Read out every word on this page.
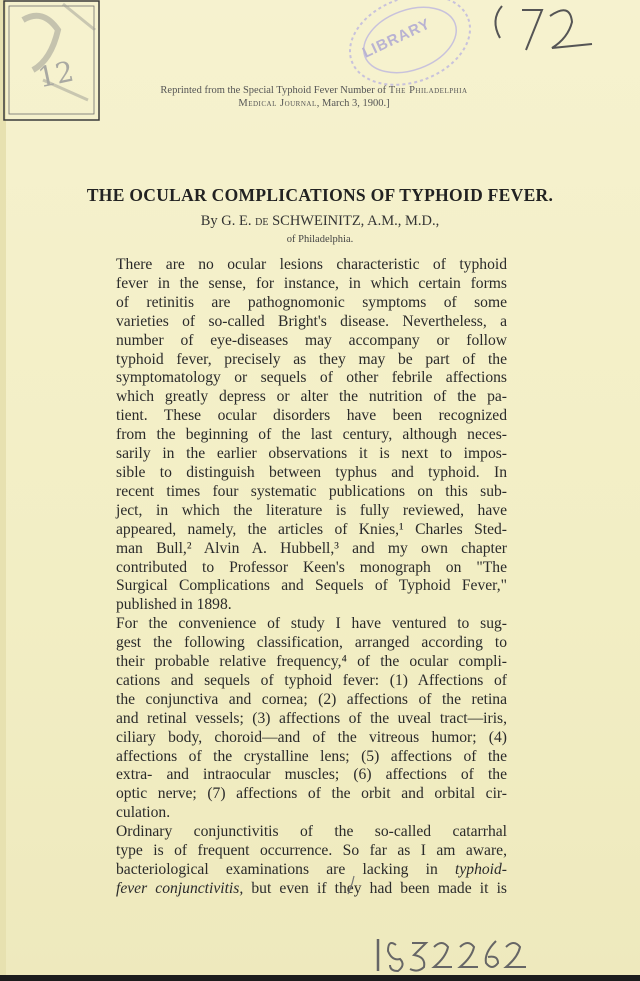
12
LIBRARY
Reprinted from the Special Typhoid Fever Number of The Philadelphia
Medical Journal, March 3, 1900.]
THE OCULAR COMPLICATIONS OF TYPHOID FEVER.
By G. E. de SCHWEINITZ, A.M., M.D.,
of Philadelphia.
There are no ocular lesions characteristic of typhoid
fever in the sense, for instance, in which certain forms
of retinitis are pathognomonic symptoms of some
varieties of so-called Bright's disease. Nevertheless, a
number of eye-diseases may accompany or follow
typhoid fever, precisely as they may be part of the
symptomatology or sequels of other febrile affections
which greatly depress or alter the nutrition of the pa-
tient. These ocular disorders have been recognized
from the beginning of the last century, although neces-
sarily in the earlier observations it is next to impos-
sible to distinguish between typhus and typhoid. In
recent times four systematic publications on this sub-
ject, in which the literature is fully reviewed, have
appeared, namely, the articles of Knies,¹ Charles Sted-
man Bull,² Alvin A. Hubbell,³ and my own chapter
contributed to Professor Keen's monograph on "The
Surgical Complications and Sequels of Typhoid Fever,"
published in 1898.
For the convenience of study I have ventured to sug-
gest the following classification, arranged according to
their probable relative frequency,⁴ of the ocular compli-
cations and sequels of typhoid fever: (1) Affections of
the conjunctiva and cornea; (2) affections of the retina
and retinal vessels; (3) affections of the uveal tract—iris,
ciliary body, choroid—and of the vitreous humor; (4)
affections of the crystalline lens; (5) affections of the
extra- and intraocular muscles; (6) affections of the
optic nerve; (7) affections of the orbit and orbital cir-
culation.
Ordinary conjunctivitis of the so-called catarrhal
type is of frequent occurrence. So far as I am aware,
bacteriological examinations are lacking in typhoid-
fever conjunctivitis, but even if they had been made it is
